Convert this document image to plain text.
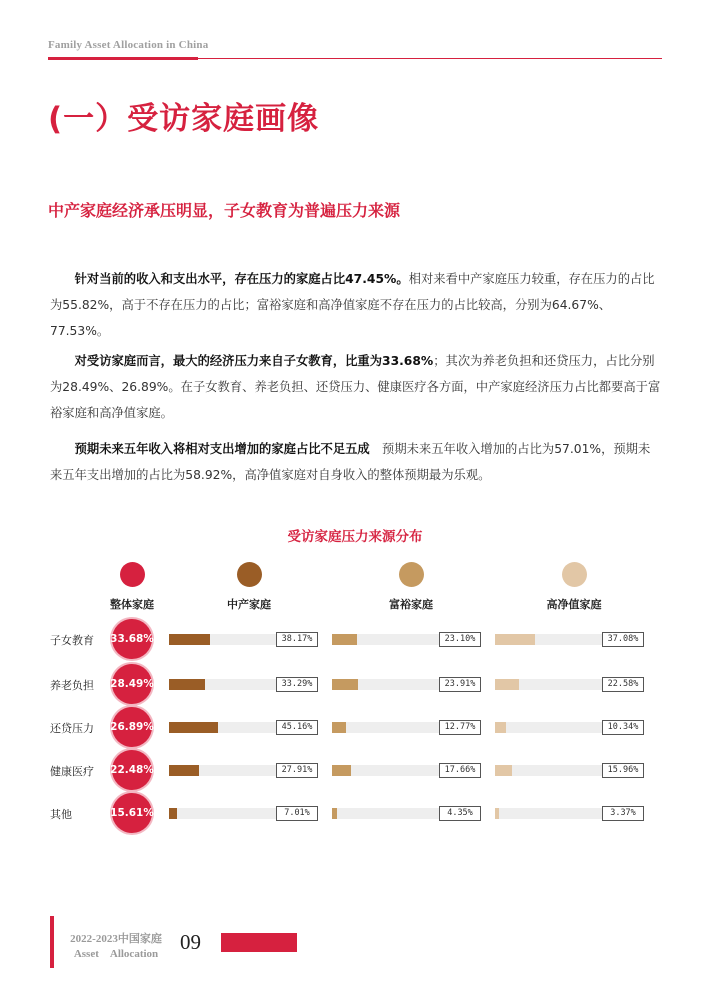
Family Asset Allocation in China
(一）受访家庭画像
中产家庭经济承压明显，子女教育为普遍压力来源

针对当前的收入和支出水平，存在压力的家庭占比47.45%。相对来看中产家庭压力较重，存在压力的占比为55.82%，高于不存在压力的占比；富裕家庭和高净值家庭不存在压力的占比较高，分别为64.67%、77.53%。

对受访家庭而言，最大的经济压力来自子女教育，比重为33.68%；其次为养老负担和还贷压力，占比分别为28.49%、26.89%。在子女教育、养老负担、还贷压力、健康医疗各方面，中产家庭经济压力占比都要高于富裕家庭和高净值家庭。

预期未来五年收入将相对支出增加的家庭占比不足五成　预期未来五年收入增加的占比为57.01%，预期未来五年支出增加的占比为58.92%，高净值家庭对自身收入的整体预期最为乐观。

受访家庭压力来源分布
整体家庭	中产家庭	富裕家庭	高净值家庭
子女教育 33.68%	38.17%	23.10%	37.08%
养老负担 28.49%	33.29%	23.91%	22.58%
还贷压力 26.89%	45.16%	12.77%	10.34%
健康医疗 22.48%	27.91%	17.66%	15.96%
其他	15.61%	7.01%	4.35%	3.37%
2022-2023中国家庭
Asset　Allocation	09
